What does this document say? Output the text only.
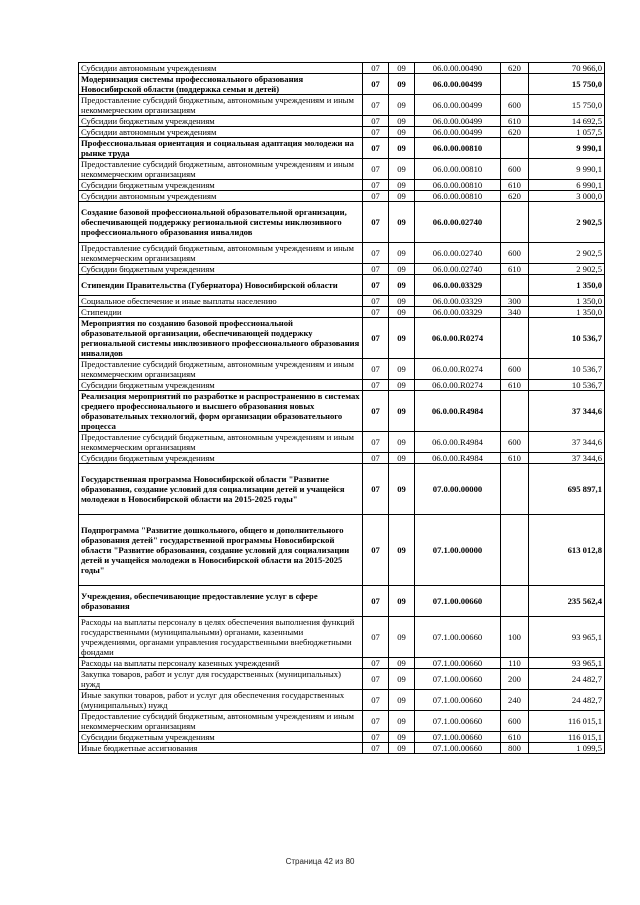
Субсидии автономным учреждениям	07	09	06.0.00.00490	620	70 966,0
Модернизация системы профессионального образования Новосибирской области (поддержка семьи и детей)	07	09	06.0.00.00499		15 750,0
Предоставление субсидий бюджетным, автономным учреждениям и иным некоммерческим организациям	07	09	06.0.00.00499	600	15 750,0
Субсидии бюджетным учреждениям	07	09	06.0.00.00499	610	14 692,5
Субсидии автономным учреждениям	07	09	06.0.00.00499	620	1 057,5
Профессиональная ориентация и социальная адаптация молодежи на рынке труда	07	09	06.0.00.00810		9 990,1
Предоставление субсидий бюджетным, автономным учреждениям и иным некоммерческим организациям	07	09	06.0.00.00810	600	9 990,1
Субсидии бюджетным учреждениям	07	09	06.0.00.00810	610	6 990,1
Субсидии автономным учреждениям	07	09	06.0.00.00810	620	3 000,0
Создание базовой профессиональной образовательной организации, обеспечивающей поддержку региональной системы инклюзивного профессионального образования инвалидов	07	09	06.0.00.02740		2 902,5
Предоставление субсидий бюджетным, автономным учреждениям и иным некоммерческим организациям	07	09	06.0.00.02740	600	2 902,5
Субсидии бюджетным учреждениям	07	09	06.0.00.02740	610	2 902,5
Стипендии Правительства (Губернатора) Новосибирской области	07	09	06.0.00.03329		1 350,0
Социальное обеспечение и иные выплаты населению	07	09	06.0.00.03329	300	1 350,0
Стипендии	07	09	06.0.00.03329	340	1 350,0
Мероприятия по созданию базовой профессиональной образовательной организации, обеспечивающей поддержку региональной системы инклюзивного профессионального образования инвалидов	07	09	06.0.00.R0274		10 536,7
Предоставление субсидий бюджетным, автономным учреждениям и иным некоммерческим организациям	07	09	06.0.00.R0274	600	10 536,7
Субсидии бюджетным учреждениям	07	09	06.0.00.R0274	610	10 536,7
Реализация мероприятий по разработке и распространению в системах среднего профессионального и высшего образования новых образовательных технологий, форм организации образовательного процесса	07	09	06.0.00.R4984		37 344,6
Предоставление субсидий бюджетным, автономным учреждениям и иным некоммерческим организациям	07	09	06.0.00.R4984	600	37 344,6
Субсидии бюджетным учреждениям	07	09	06.0.00.R4984	610	37 344,6
Государственная программа Новосибирской области "Развитие образования, создание условий для социализации детей и учащейся молодежи в Новосибирской области на 2015-2025 годы"	07	09	07.0.00.00000		695 897,1
Подпрограмма "Развитие дошкольного, общего и дополнительного образования детей" государственной программы Новосибирской области "Развитие образования, создание условий для социализации детей и учащейся молодежи в Новосибирской области на 2015-2025 годы"	07	09	07.1.00.00000		613 012,8
Учреждения, обеспечивающие предоставление услуг в сфере образования	07	09	07.1.00.00660		235 562,4
Расходы на выплаты персоналу в целях обеспечения выполнения функций государственными (муниципальными) органами, казенными учреждениями, органами управления государственными внебюджетными фондами	07	09	07.1.00.00660	100	93 965,1
Расходы на выплаты персоналу казенных учреждений	07	09	07.1.00.00660	110	93 965,1
Закупка товаров, работ и услуг для государственных (муниципальных) нужд	07	09	07.1.00.00660	200	24 482,7
Иные закупки товаров, работ и услуг для обеспечения государственных (муниципальных) нужд	07	09	07.1.00.00660	240	24 482,7
Предоставление субсидий бюджетным, автономным учреждениям и иным некоммерческим организациям	07	09	07.1.00.00660	600	116 015,1
Субсидии бюджетным учреждениям	07	09	07.1.00.00660	610	116 015,1
Иные бюджетные ассигнования	07	09	07.1.00.00660	800	1 099,5
Страница 42 из 80
